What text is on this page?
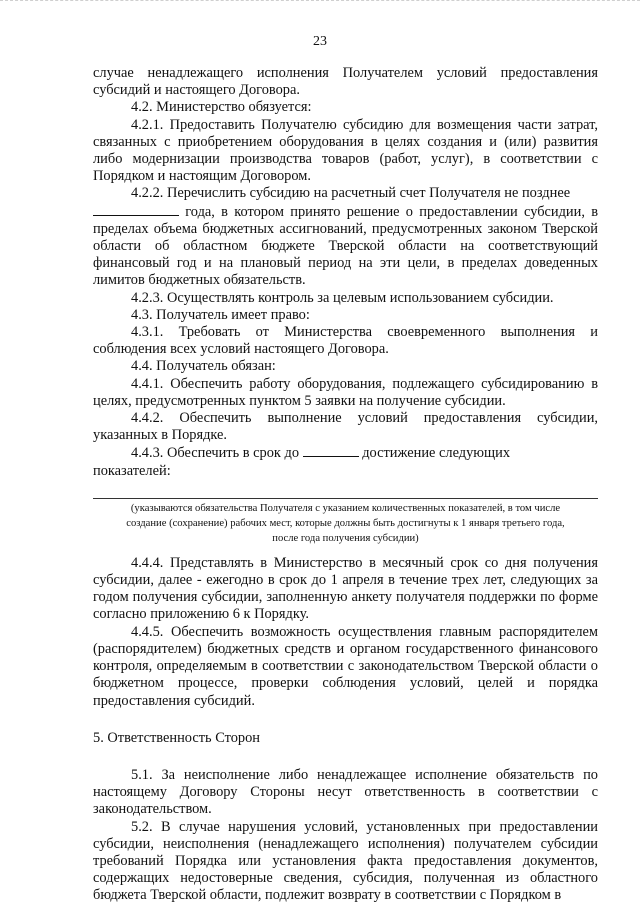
23

случае ненадлежащего исполнения Получателем условий предоставления субсидий и настоящего Договора.

4.2. Министерство обязуется:

4.2.1. Предоставить Получателю субсидию для возмещения части затрат, связанных с приобретением оборудования в целях создания и (или) развития либо модернизации производства товаров (работ, услуг), в соответствии с Порядком и настоящим Договором.

4.2.2. Перечислить субсидию на расчетный счет Получателя не позднее

года, в котором принято решение о предоставлении субсидии, в пределах объема бюджетных ассигнований, предусмотренных законом Тверской области об областном бюджете Тверской области на соответствующий финансовый год и на плановый период на эти цели, в пределах доведенных лимитов бюджетных обязательств.

4.2.3. Осуществлять контроль за целевым использованием субсидии.

4.3. Получатель имеет право:

4.3.1. Требовать от Министерства своевременного выполнения и соблюдения всех условий настоящего Договора.

4.4. Получатель обязан:

4.4.1. Обеспечить работу оборудования, подлежащего субсидированию в целях, предусмотренных пунктом 5 заявки на получение субсидии.

4.4.2. Обеспечить выполнение условий предоставления субсидии, указанных в Порядке.

4.4.3. Обеспечить в срок до	достижение следующих

показателей:

(указываются обязательства Получателя с указанием количественных показателей, в том числе

создание (сохранение) рабочих мест, которые должны быть достигнуты к 1 января третьего года,

после года получения субсидии)

4.4.4. Представлять в Министерство в месячный срок со дня получения субсидии, далее - ежегодно в срок до 1 апреля в течение трех лет, следующих за годом получения субсидии, заполненную анкету получателя поддержки по форме согласно приложению 6 к Порядку.

4.4.5. Обеспечить возможность осуществления главным распорядителем (распорядителем) бюджетных средств и органом государственного финансового контроля, определяемым в соответствии с законодательством Тверской области о бюджетном процессе, проверки соблюдения условий, целей и порядка предоставления субсидий.

5. Ответственность Сторон

5.1. За неисполнение либо ненадлежащее исполнение обязательств по настоящему Договору Стороны несут ответственность в соответствии с законодательством.

5.2. В случае нарушения условий, установленных при предоставлении субсидии, неисполнения (ненадлежащего исполнения) получателем субсидии требований Порядка или установления факта предоставления документов, содержащих недостоверные сведения, субсидия, полученная из областного бюджета Тверской области, подлежит возврату в соответствии с Порядком в
